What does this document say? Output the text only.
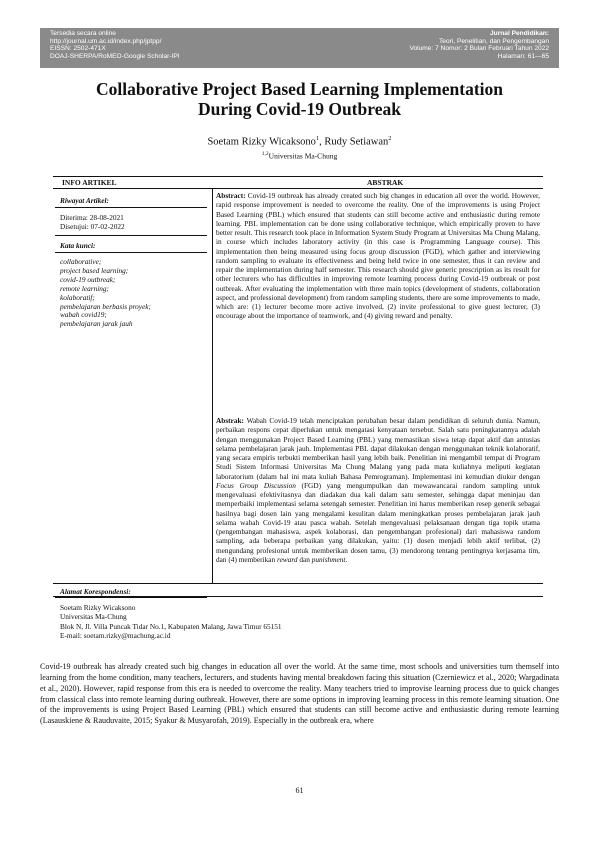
Tersedia secara online
http://journal.um.ac.id/index.php/jptpp/
EISSN: 2502-471X
DOAJ-SHERPA/RoMEO-Google Scholar-IPI
Jurnal Pendidikan:
Teori, Penelitian, dan Pengembangan
Volume: 7 Nomor: 2 Bulan Februari Tahun 2022
Halaman: 61—65
Collaborative Project Based Learning Implementation
During Covid-19 Outbreak
Soetam Rizky Wicaksono$^1$, Rudy Setiawan$^2$
$^{1,2}$Universitas Ma-Chung
INFO ARTIKEL	ABSTRAK
Riwayat Artikel:
Diterima: 28-08-2021
Disetujui: 07-02-2022
Kata kunci:
collaborative;
project based learning;
covid-19 outbreak;
remote learning;
kolaboratif;
pembelajaran berbasis proyek;
wabah covid19;
pembelajaran jarak jauh
Abstract: Covid-19 outbreak has already created such big changes in education all over the world. However, rapid response improvement is needed to overcome the reality. One of the improvements is using Project Based Learning (PBL) which ensured that students can still become active and enthusiastic during remote learning. PBL implementation can be done using collaborative technique, which empirically proven to have better result. This research took place in Information System Study Program at Universitas Ma Chung Malang, in course which includes laboratory activity (in this case is Programming Language course). This implementation then being measured using focus group discussion (FGD), which gather and interviewing random sampling to evaluate its effectiveness and being held twice in one semester, thus it can review and repair the implementation during half semester. This research should give generic prescription as its result for other lecturers who has difficulties in improving remote learning process during Covid-19 outbreak or post outbreak. After evaluating the implementation with three main topics (development of students, collaboration aspect, and professional development) from random sampling students, there are some improvements to made, which are: (1) lecturer become more active involved, (2) invite professional to give guest lecturer, (3) encourage about the importance of teamwork, and (4) giving reward and penalty.
Abstrak: Wabah Covid-19 telah menciptakan perubahan besar dalam pendidikan di seluruh dunia. Namun, perbaikan respons cepat diperlukan untuk mengatasi kenyataan tersebut. Salah satu peningkatannya adalah dengan menggunakan Project Based Learning (PBL) yang memastikan siswa tetap dapat aktif dan antusias selama pembelajaran jarak jauh. Implementasi PBL dapat dilakukan dengan menggunakan teknik kolaboratif, yang secara empiris terbukti memberikan hasil yang lebih baik. Penelitian ini mengambil tempat di Program Studi Sistem Informasi Universitas Ma Chung Malang yang pada mata kuliahnya meliputi kegiatan laboratorium (dalam hal ini mata kuliah Bahasa Pemrograman). Implementasi ini kemudian diukur dengan Focus Group Discussion (FGD) yang mengumpulkan dan mewawancarai random sampling untuk mengevaluasi efektivitasnya dan diadakan dua kali dalam satu semester, sehingga dapat meninjau dan memperbaiki implementasi selama setengah semester. Penelitian ini harus memberikan resep generik sebagai hasilnya bagi dosen lain yang mengalami kesulitan dalam meningkatkan proses pembelajaran jarak jauh selama wabah Covid-19 atau pasca wabah. Setelah mengevaluasi pelaksanaan dengan tiga topik utama (pengembangan mahasiswa, aspek kolaborasi, dan pengembangan profesional) dari mahasiswa random sampling, ada beberapa perbaikan yang dilakukan, yaitu: (1) dosen menjadi lebih aktif terlibat, (2) mengundang profesional untuk memberikan dosen tamu, (3) mendorong tentang pentingnya kerjasama tim, dan (4) memberikan reward dan punishment.
Alamat Korespondensi:
Soetam Rizky Wicaksono
Universitas Ma-Chung
Blok N, Jl. Villa Puncak Tidar No.1, Kabupaten Malang, Jawa Timur 65151
E-mail: soetam.rizky@machung.ac.id
Covid-19 outbreak has already created such big changes in education all over the world. At the same time, most schools and universities turn themself into learning from the home condition, many teachers, lecturers, and students having mental breakdown facing this situation (Czerniewicz et al., 2020; Wargadinata et al., 2020). However, rapid response from this era is needed to overcome the reality. Many teachers tried to improvise learning process due to quick changes from classical class into remote learning during outbreak. However, there are some options in improving learning process in this remote learning situation. One of the improvements is using Project Based Learning (PBL) which ensured that students can still become active and enthusiastic during remote learning (Lasauskiene & Rauduvaite, 2015; Syakur & Musyarofah, 2019). Especially in the outbreak era, where
61
